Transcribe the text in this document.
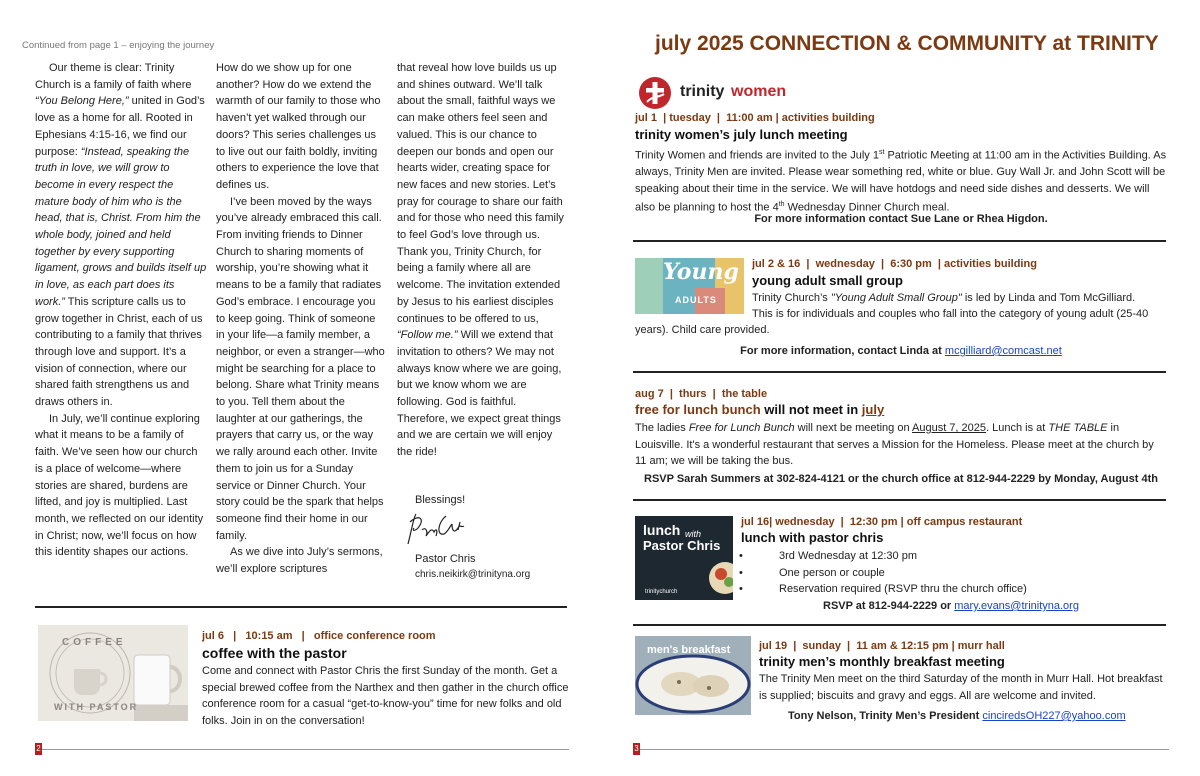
Continued from page 1 – enjoying the journey

Our theme is clear: Trinity Church is a family of faith where “You Belong Here,” united in God’s love as a home for all. Rooted in Ephesians 4:15-16, we find our purpose: “Instead, speaking the truth in love, we will grow to become in every respect the mature body of him who is the head, that is, Christ. From him the whole body, joined and held together by every supporting ligament, grows and builds itself up in love, as each part does its work.” This scripture calls us to grow together in Christ, each of us contributing to a family that thrives through love and support. It’s a vision of connection, where our shared faith strengthens us and draws others in.

In July, we’ll continue exploring what it means to be a family of faith. We’ve seen how our church is a place of welcome—where stories are shared, burdens are lifted, and joy is multiplied. Last month, we reflected on our identity in Christ; now, we’ll focus on how this identity shapes our actions.

How do we show up for one another? How do we extend the warmth of our family to those who haven’t yet walked through our doors? This series challenges us to live out our faith boldly, inviting others to experience the love that defines us.

I’ve been moved by the ways you’ve already embraced this call. From inviting friends to Dinner Church to sharing moments of worship, you’re showing what it means to be a family that radiates God’s embrace. I encourage you to keep going. Think of someone in your life—a family member, a neighbor, or even a stranger—who might be searching for a place to belong. Share what Trinity means to you. Tell them about the laughter at our gatherings, the prayers that carry us, or the way we rally around each other. Invite them to join us for a Sunday service or Dinner Church. Your story could be the spark that helps someone find their home in our family.

As we dive into July’s sermons, we’ll explore scriptures

that reveal how love builds us up and shines outward. We’ll talk about the small, faithful ways we can make others feel seen and valued. This is our chance to deepen our bonds and open our hearts wider, creating space for new faces and new stories. Let’s pray for courage to share our faith and for those who need this family to feel God’s love through us.

Thank you, Trinity Church, for being a family where all are welcome. The invitation extended by Jesus to his earliest disciples continues to be offered to us, “Follow me.” Will we extend that invitation to others? We may not always know where we are going, but we know whom we are following. God is faithful. Therefore, we expect great things and we are certain we will enjoy the ride!

Blessings!
Pastor Chris
chris.neikirk@trinityna.org
COFFEE
WITH PASTOR
jul 6   |   10:15 am   |   office conference room
coffee with the pastor
Come and connect with Pastor Chris the first Sunday of the month. Get a special brewed coffee from the Narthex and then gather in the church office conference room for a casual “get-to-know-you” time for new folks and old folks. Join in on the conversation!
2
july 2025 CONNECTION & COMMUNITY at TRINITY
trinity women
jul 1  | tuesday  |  11:00 am | activities building
trinity women’s july lunch meeting
Trinity Women and friends are invited to the July 1st Patriotic Meeting at 11:00 am in the Activities Building. As always, Trinity Men are invited. Please wear something red, white or blue. Guy Wall Jr. and John Scott will be speaking about their time in the service. We will have hotdogs and need side dishes and desserts. We will also be planning to host the 4th Wednesday Dinner Church meal.
For more information contact Sue Lane or Rhea Higdon.
Young
ADULTS
jul 2 & 16  |  wednesday  |  6:30 pm  | activities building
young adult small group
Trinity Church’s "Young Adult Small Group" is led by Linda and Tom McGilliard.
This is for individuals and couples who fall into the category of young adult (25-40
years). Child care provided.
For more information, contact Linda at mcgilliard@comcast.net
aug 7  |  thurs  |  the table
free for lunch bunch will not meet in july
The ladies Free for Lunch Bunch will next be meeting on August 7, 2025. Lunch is at THE TABLE in Louisville. It's a wonderful restaurant that serves a Mission for the Homeless. Please meet at the church by 11 am; we will be taking the bus.
RSVP Sarah Summers at 302-824-4121 or the church office at 812-944-2229 by Monday, August 4th
lunch with
Pastor Chris
trinitychurch
jul 16| wednesday  |  12:30 pm | off campus restaurant
lunch with pastor chris
• 3rd Wednesday at 12:30 pm
• One person or couple
• Reservation required (RSVP thru the church office)
RSVP at 812-944-2229 or mary.evans@trinityna.org
men's breakfast	jul 19  |  sunday  |  11 am & 12:15 pm | murr hall
trinity men’s monthly breakfast meeting
The Trinity Men meet on the third Saturday of the month in Murr Hall. Hot breakfast is supplied; biscuits and gravy and eggs. All are welcome and invited.
Tony Nelson, Trinity Men’s President cinciredsOH227@yahoo.com
3
